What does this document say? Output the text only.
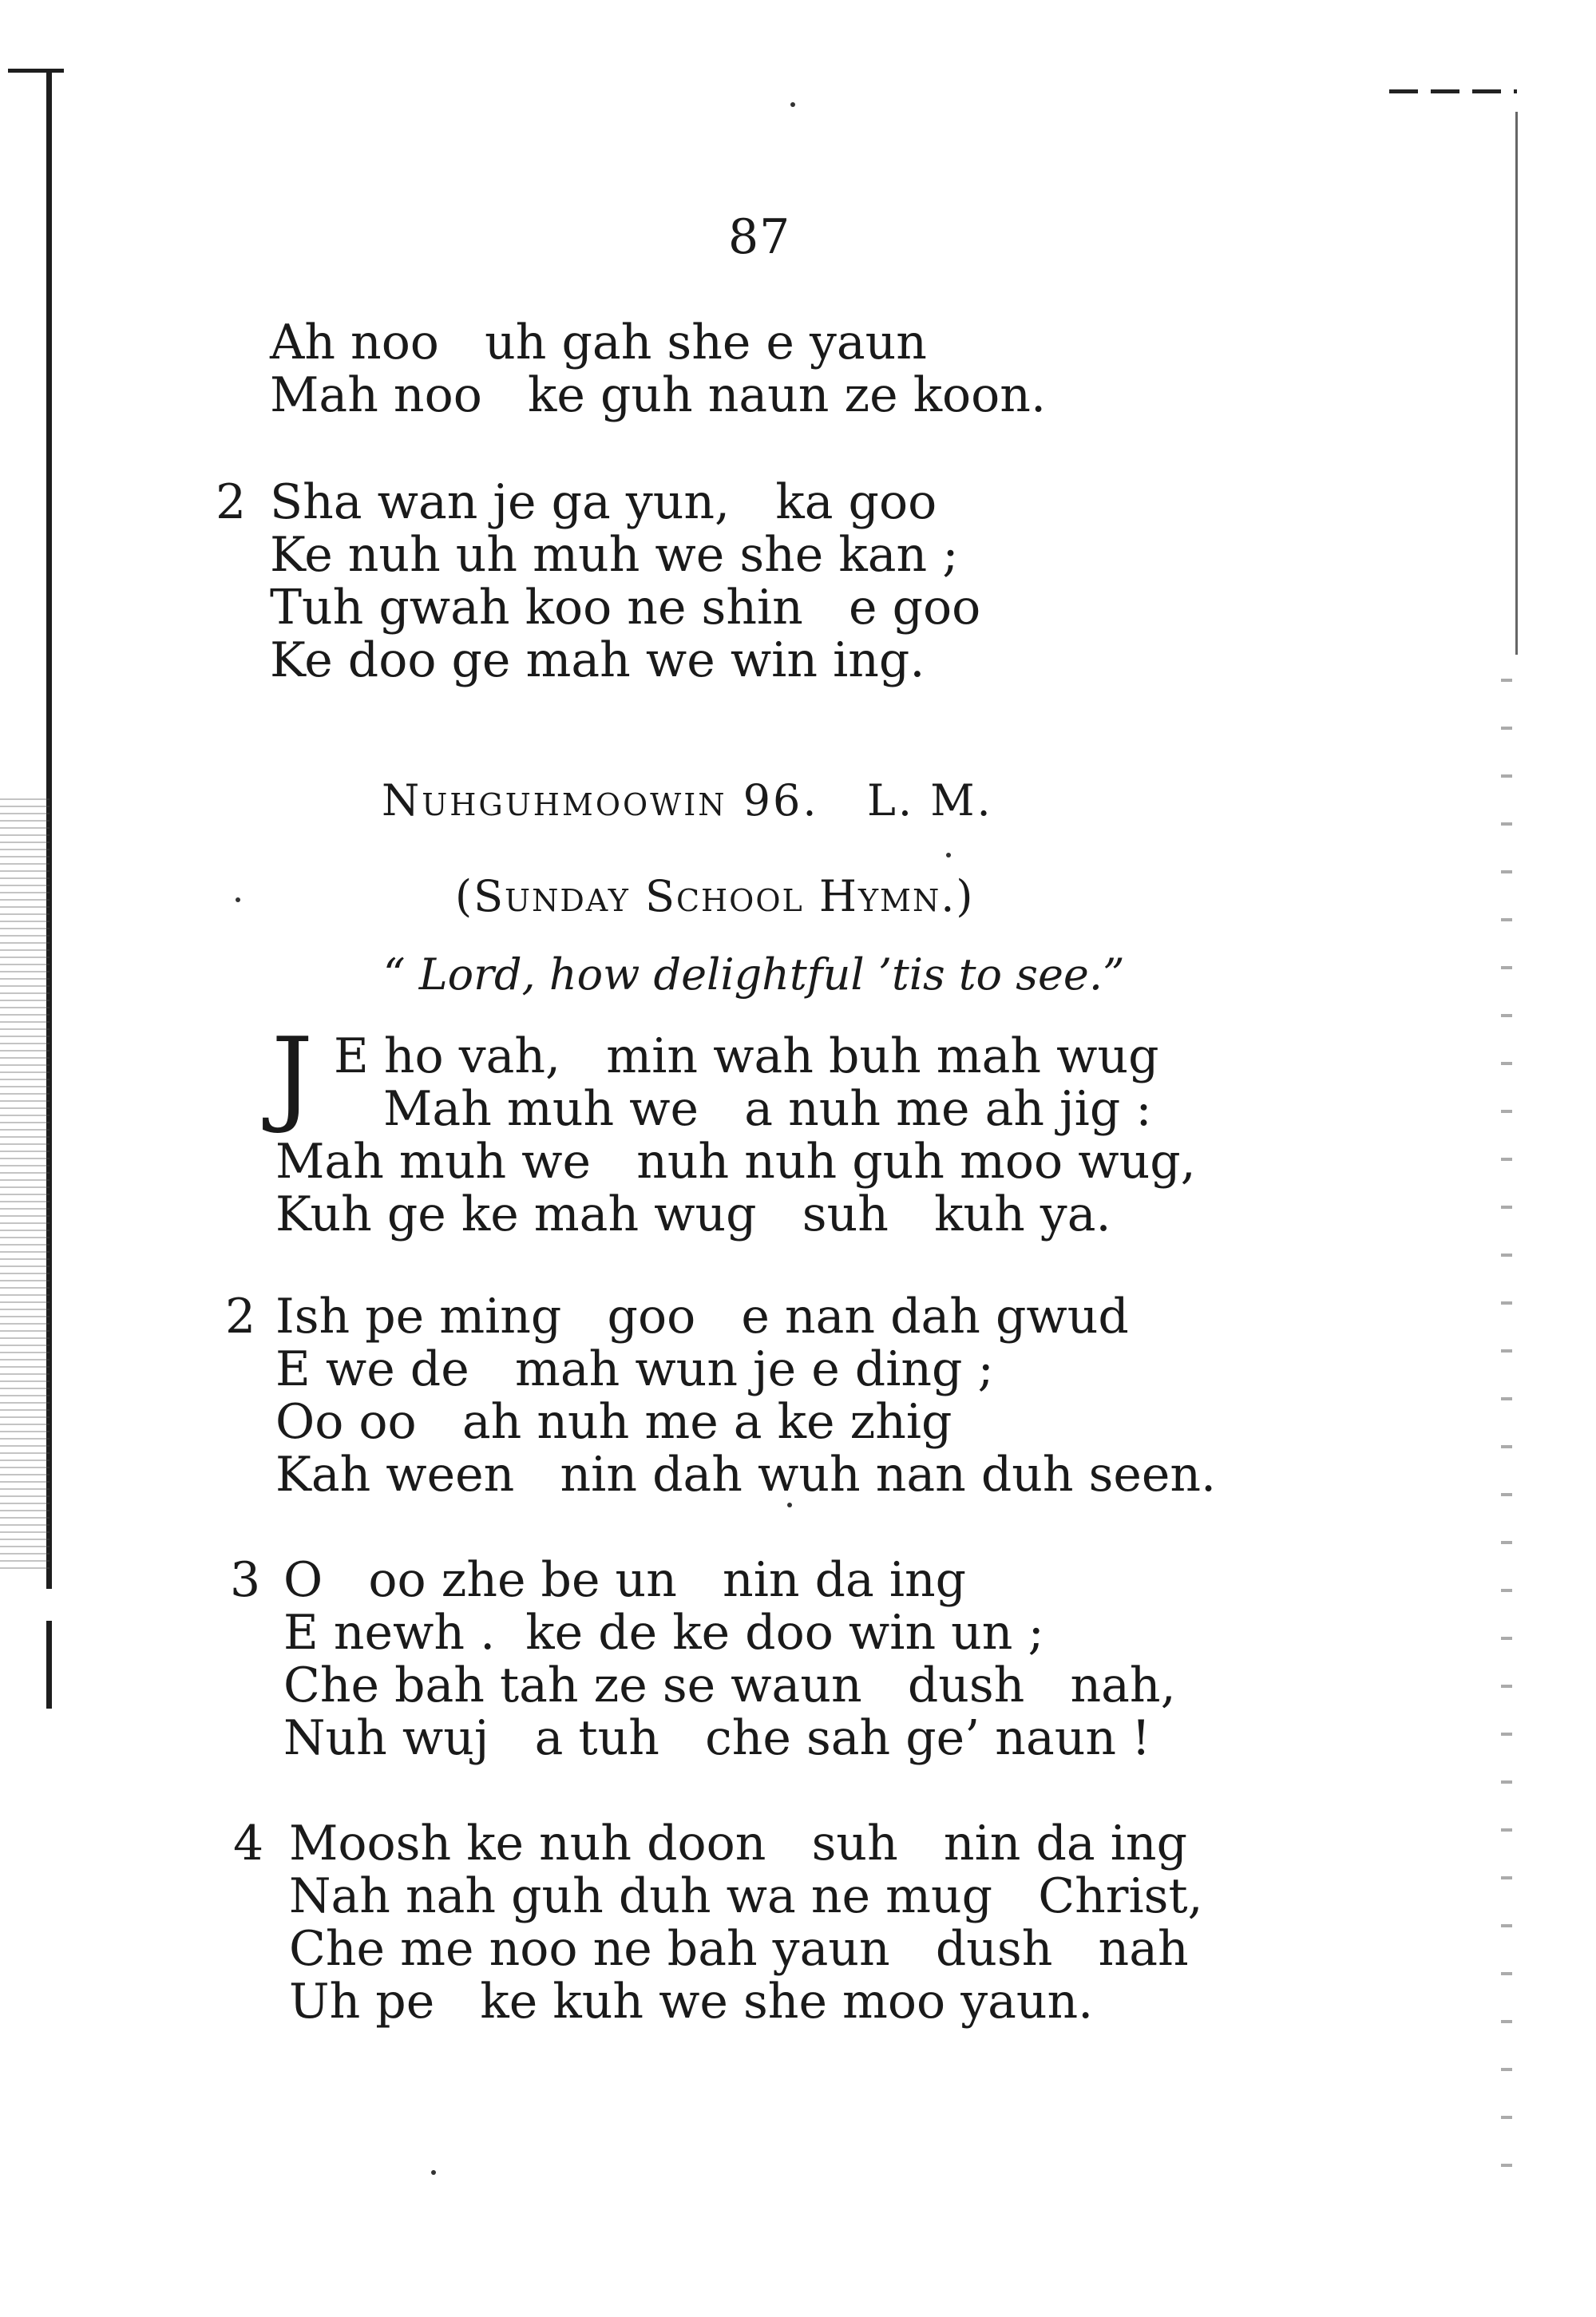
87
Ah noo   uh gah she e yaun
Mah noo   ke guh naun ze koon.
2 Sha wan je ga yun,   ka goo
Ke nuh uh muh we she kan ;
Tuh gwah koo ne shin   e goo
Ke doo ge mah we win ing.
Nuhguhmoowin 96.   L. M.
(Sunday School Hymn.)
“ Lord, how delightful ’tis to see.”
J E ho vah,   min wah buh mah wug
Mah muh we   a nuh me ah jig :
Mah muh we   nuh nuh guh moo wug,
Kuh ge ke mah wug   suh   kuh ya.
2 Ish pe ming   goo   e nan dah gwud
E we de   mah wun je e ding ;
Oo oo   ah nuh me a ke zhig
Kah ween   nin dah wuh nan duh seen.
3 O   oo zhe be un   nin da ing
E newh .  ke de ke doo win un ;
Che bah tah ze se waun   dush   nah,
Nuh wuj   a tuh   che sah ge’ naun !
4 Moosh ke nuh doon   suh   nin da ing
Nah nah guh duh wa ne mug   Christ,
Che me noo ne bah yaun   dush   nah
Uh pe   ke kuh we she moo yaun.
